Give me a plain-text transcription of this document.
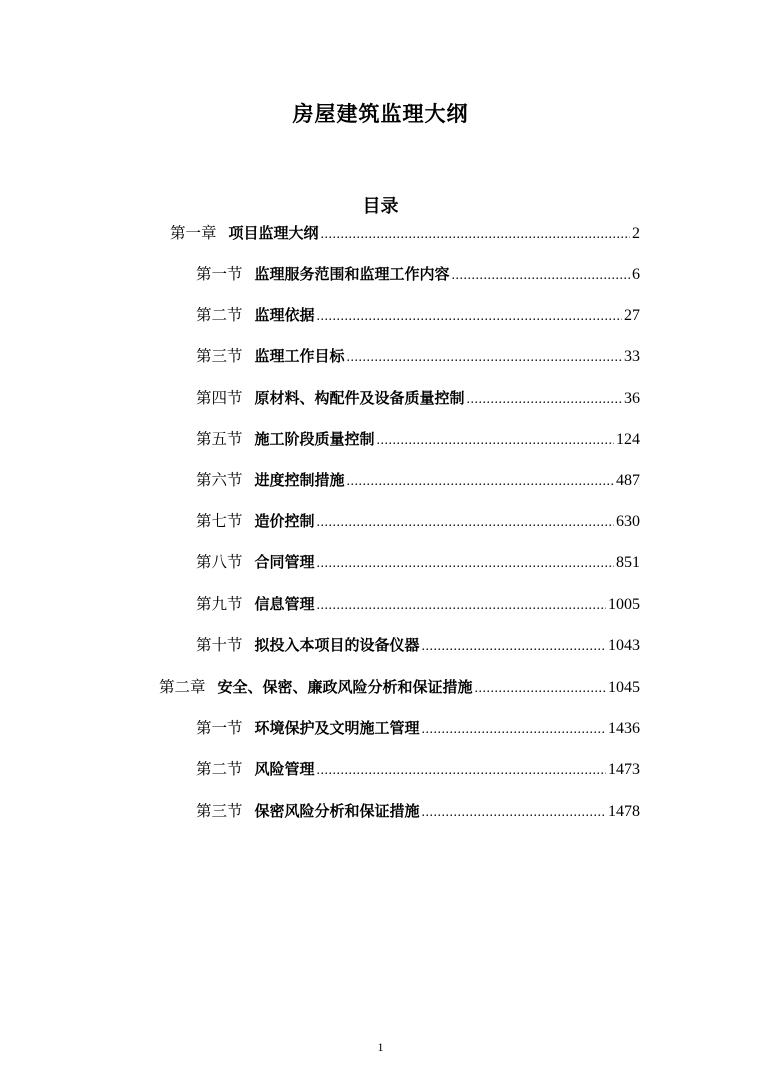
房屋建筑监理大纲
目录
第一章 项目监理大纲 .....	2
第一节 监理服务范围和监理工作内容 .....	6
第二节 监理依据 .....	27
第三节 监理工作目标 .....	33
第四节 原材料、构配件及设备质量控制 .....	36
第五节 施工阶段质量控制 .....	124
第六节 进度控制措施 .....	487
第七节 造价控制 .....	630
第八节 合同管理 .....	851
第九节 信息管理 .....	1005
第十节 拟投入本项目的设备仪器 .....	1043
第二章 安全、保密、廉政风险分析和保证措施 .....	1045
第一节 环境保护及文明施工管理 .....	1436
第二节 风险管理 .....	1473
第三节 保密风险分析和保证措施 .....	1478
1
